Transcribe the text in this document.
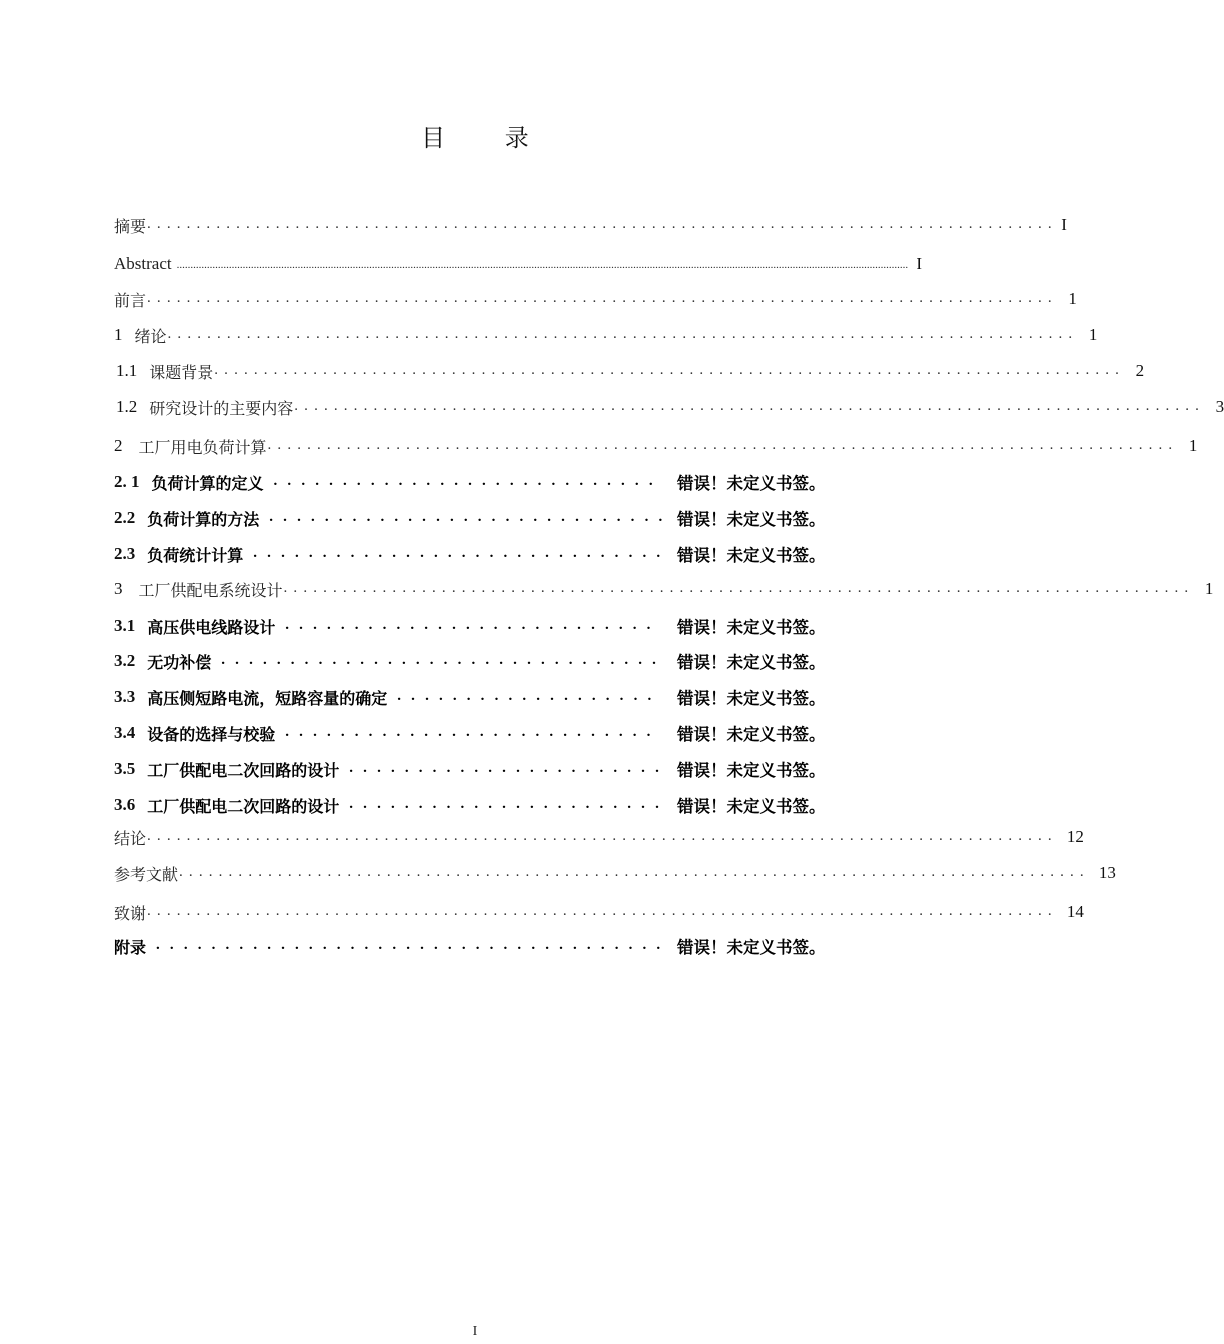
目 录
摘要 . . . . . . . . . . . . . . . . . . . . . . . . . . . . . . . . . . . . . . . . . . . . . . . . . . . . . . . . . . . . . . . . . . . . . . . . . . . . . . . . . . . . . . . . . . . . I
Abstract .......................................................................................................................................................................................................................................................................... I
前言 . . . . . . . . . . . . . . . . . . . . . . . . . . . . . . . . . . . . . . . . . . . . . . . . . . . . . . . . . . . . . . . . . . . . . . . . . . . . . . . . . . . . . . . . . . . . 1
1 绪论 . . . . . . . . . . . . . . . . . . . . . . . . . . . . . . . . . . . . . . . . . . . . . . . . . . . . . . . . . . . . . . . . . . . . . . . . . . . . . . . . . . . . . . . . . . . . 1
1.1 课题背景 . . . . . . . . . . . . . . . . . . . . . . . . . . . . . . . . . . . . . . . . . . . . . . . . . . . . . . . . . . . . . . . . . . . . . . . . . . . . . . . . . . . . . . . . . . . . 2
1.2 研究设计的主要内容 . . . . . . . . . . . . . . . . . . . . . . . . . . . . . . . . . . . . . . . . . . . . . . . . . . . . . . . . . . . . . . . . . . . . . . . . . . . . . . . . . . . . . . . . . . . . 3
2 工厂用电负荷计算 . . . . . . . . . . . . . . . . . . . . . . . . . . . . . . . . . . . . . . . . . . . . . . . . . . . . . . . . . . . . . . . . . . . . . . . . . . . . . . . . . . . . . . . . . . . . 1
2. 1 负荷计算的定义 . . . . . . . . . . . . . . . . . . . . . . . . . . . . 错误！未定义书签。
2.2 负荷计算的方法 . . . . . . . . . . . . . . . . . . . . . . . . . . . . . 错误！未定义书签。
2.3 负荷统计计算 . . . . . . . . . . . . . . . . . . . . . . . . . . . . . . 错误！未定义书签。
3 工厂供配电系统设计 . . . . . . . . . . . . . . . . . . . . . . . . . . . . . . . . . . . . . . . . . . . . . . . . . . . . . . . . . . . . . . . . . . . . . . . . . . . . . . . . . . . . . . . . . . . . 1
3.1 高压供电线路设计 . . . . . . . . . . . . . . . . . . . . . . . . . . . 错误！未定义书签。
3.2 无功补偿 . . . . . . . . . . . . . . . . . . . . . . . . . . . . . . . . 错误！未定义书签。
3.3 高压侧短路电流，短路容量的确定 . . . . . . . . . . . . . . . . . . . 错误！未定义书签。
3.4 设备的选择与校验 . . . . . . . . . . . . . . . . . . . . . . . . . . . 错误！未定义书签。
3.5 工厂供配电二次回路的设计 . . . . . . . . . . . . . . . . . . . . . . . 错误！未定义书签。
3.6 工厂供配电二次回路的设计 . . . . . . . . . . . . . . . . . . . . . . . 错误！未定义书签。
结论 . . . . . . . . . . . . . . . . . . . . . . . . . . . . . . . . . . . . . . . . . . . . . . . . . . . . . . . . . . . . . . . . . . . . . . . . . . . . . . . . . . . . . . . . . . . . 12
参考文献 . . . . . . . . . . . . . . . . . . . . . . . . . . . . . . . . . . . . . . . . . . . . . . . . . . . . . . . . . . . . . . . . . . . . . . . . . . . . . . . . . . . . . . . . . . . . 13
致谢 . . . . . . . . . . . . . . . . . . . . . . . . . . . . . . . . . . . . . . . . . . . . . . . . . . . . . . . . . . . . . . . . . . . . . . . . . . . . . . . . . . . . . . . . . . . . 14
附录 . . . . . . . . . . . . . . . . . . . . . . . . . . . . . . . . . . . . . 错误！未定义书签。
I
